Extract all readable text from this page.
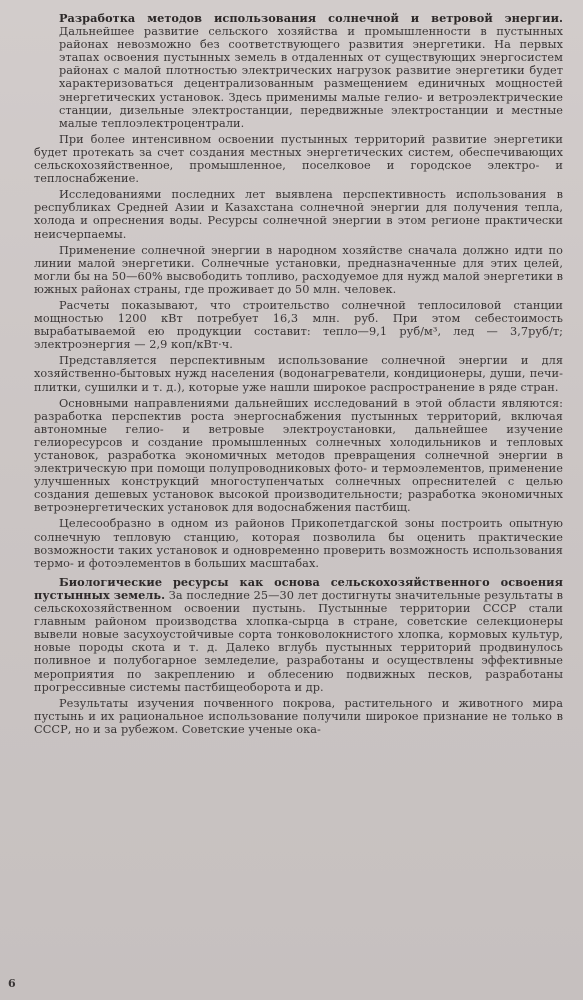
Разработка методов использования солнечной и ветровой энергии. Дальнейшее развитие сельского хозяйства и промышленности в пустынных районах невозможно без соответствующего развития энергетики. На первых этапах освоения пустынных земель в отдаленных от существующих энергосистем районах с малой плотностью электрических нагрузок развитие энергетики будет характеризоваться децентрализованным размещением единичных мощностей энергетических установок. Здесь применимы малые гелио- и ветроэлектрические станции, дизельные электростанции, передвижные электростанции и местные малые теплоэлектроцентрали.

При более интенсивном освоении пустынных территорий развитие энергетики будет протекать за счет создания местных энергетических систем, обеспечивающих сельскохозяйственное, промышленное, поселковое и городское электро- и теплоснабжение.

Исследованиями последних лет выявлена перспективность использования в республиках Средней Азии и Казахстана солнечной энергии для получения тепла, холода и опреснения воды. Ресурсы солнечной энергии в этом регионе практически неисчерпаемы.

Применение солнечной энергии в народном хозяйстве сначала должно идти по линии малой энергетики. Солнечные установки, предназначенные для этих целей, могли бы на 50—60% высвободить топливо, расходуемое для нужд малой энергетики в южных районах страны, где проживает до 50 млн. человек.

Расчеты показывают, что строительство солнечной теплосиловой станции мощностью 1200 кВт потребует 16,3 млн. руб. При этом себестоимость вырабатываемой ею продукции составит: тепло—9,1 руб/м³, лед — 3,7руб/т; электроэнергия — 2,9 коп/кВт·ч.

Представляется перспективным использование солнечной энергии и для хозяйственно-бытовых нужд населения (водонагреватели, кондиционеры, души, печи-плитки, сушилки и т. д.), которые уже нашли широкое распространение в ряде стран.

Основными направлениями дальнейших исследований в этой области являются: разработка перспектив роста энергоснабжения пустынных территорий, включая автономные гелио- и ветровые электроустановки, дальнейшее изучение гелиоресурсов и создание промышленных солнечных холодильников и тепловых установок, разработка экономичных методов превращения солнечной энергии в электрическую при помощи полупроводниковых фото- и термоэлементов, применение улучшенных конструкций многоступенчатых солнечных опреснителей с целью создания дешевых установок высокой производительности; разработка экономичных ветроэнергетических установок для водоснабжения пастбищ.

Целесообразно в одном из районов Прикопетдагской зоны построить опытную солнечную тепловую станцию, которая позволила бы оценить практические возможности таких установок и одновременно проверить возможность использования термо- и фотоэлементов в больших масштабах.

Биологические ресурсы как основа сельскохозяйственного освоения пустынных земель. За последние 25—30 лет достигнуты значительные результаты в сельскохозяйственном освоении пустынь. Пустынные территории СССР стали главным районом производства хлопка-сырца в стране, советские селекционеры вывели новые засухоустойчивые сорта тонковолокнистого хлопка, кормовых культур, новые породы скота и т. д. Далеко вглубь пустынных территорий продвинулось поливное и полубогарное земледелие, разработаны и осуществлены эффективные мероприятия по закреплению и облесению подвижных песков, разработаны прогрессивные системы пастбищеоборота и др.

Результаты изучения почвенного покрова, растительного и животного мира пустынь и их рациональное использование получили широкое признание не только в СССР, но и за рубежом. Советские ученые ока-

6
